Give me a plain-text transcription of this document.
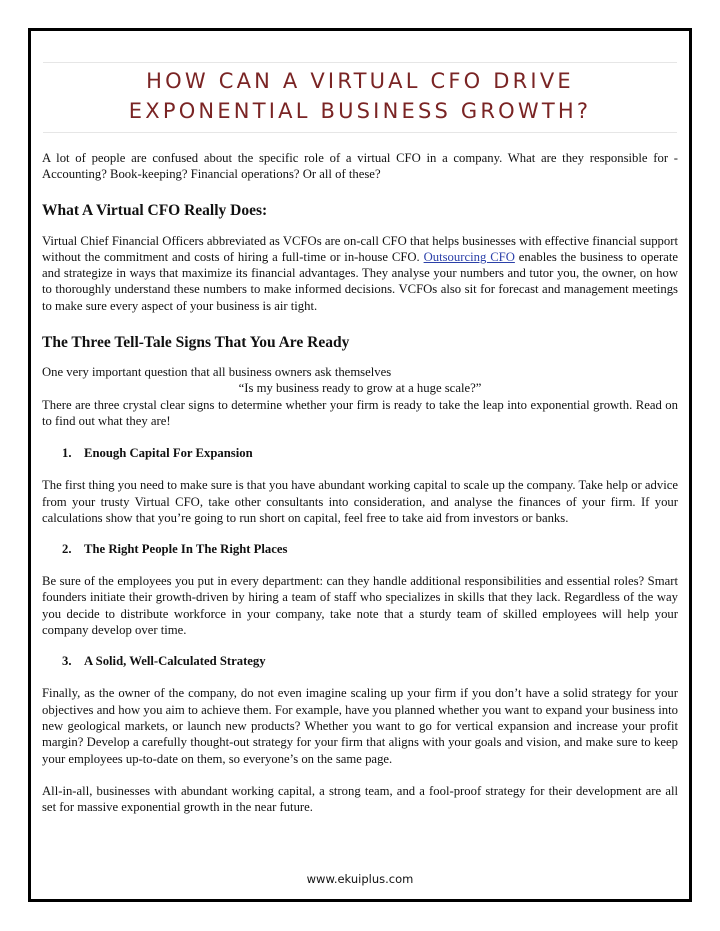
HOW CAN A VIRTUAL CFO DRIVE
EXPONENTIAL BUSINESS GROWTH?

A lot of people are confused about the specific role of a virtual CFO in a company. What are they responsible for - Accounting? Book-keeping? Financial operations? Or all of these?

What A Virtual CFO Really Does:

Virtual Chief Financial Officers abbreviated as VCFOs are on-call CFO that helps businesses with effective financial support without the commitment and costs of hiring a full-time or in-house CFO. Outsourcing CFO enables the business to operate and strategize in ways that maximize its financial advantages. They analyse your numbers and tutor you, the owner, on how to thoroughly understand these numbers to make informed decisions. VCFOs also sit for forecast and management meetings to make sure every aspect of your business is air tight.

The Three Tell-Tale Signs That You Are Ready

One very important question that all business owners ask themselves

“Is my business ready to grow at a huge scale?”

There are three crystal clear signs to determine whether your firm is ready to take the leap into exponential growth. Read on to find out what they are!

1. Enough Capital For Expansion

The first thing you need to make sure is that you have abundant working capital to scale up the company. Take help or advice from your trusty Virtual CFO, take other consultants into consideration, and analyse the finances of your firm. If your calculations show that you’re going to run short on capital, feel free to take aid from investors or banks.

2. The Right People In The Right Places

Be sure of the employees you put in every department: can they handle additional responsibilities and essential roles? Smart founders initiate their growth-driven by hiring a team of staff who specializes in skills that they lack. Regardless of the way you decide to distribute workforce in your company, take note that a sturdy team of skilled employees will help your company develop over time.

3. A Solid, Well-Calculated Strategy

Finally, as the owner of the company, do not even imagine scaling up your firm if you don’t have a solid strategy for your objectives and how you aim to achieve them. For example, have you planned whether you want to expand your business into new geological markets, or launch new products? Whether you want to go for vertical expansion and increase your profit margin? Develop a carefully thought-out strategy for your firm that aligns with your goals and vision, and make sure to keep your employees up-to-date on them, so everyone’s on the same page.

All-in-all, businesses with abundant working capital, a strong team, and a fool-proof strategy for their development are all set for massive exponential growth in the near future.

www.ekuiplus.com
